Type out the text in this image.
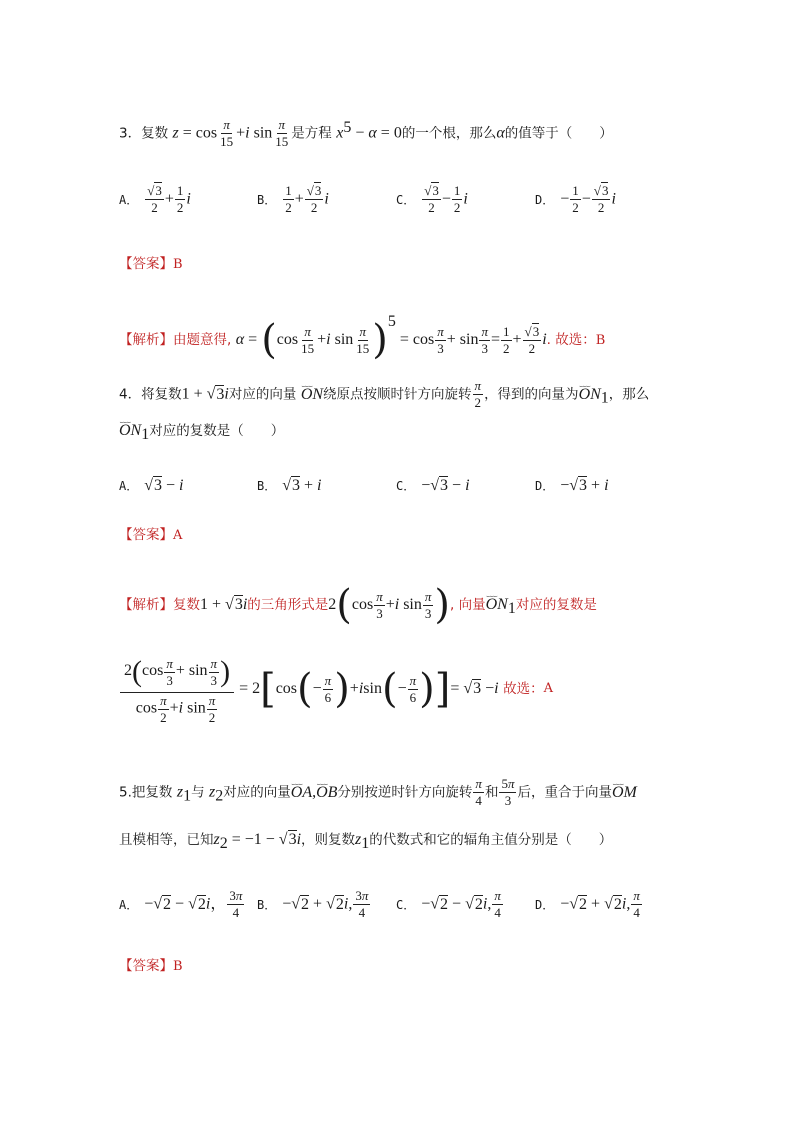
3．复数 $z = \cos \frac{\pi}{15} +i$ $\sin \frac{\pi}{15}$ 是方程 $x^5 - \alpha = 0$的一个根，那么α的值等于（　　）
A． $\frac{√3}{2} + \frac{1}{2}$ i	B． $\frac{1}{2} + \frac{√3}{2}$ i	C． $\frac{√3}{2} - \frac{1}{2}$ i	D． − $\frac{1}{2} - \frac{√3}{2}$ i
【答案】B
【解析】由题意得, $\alpha = (\cos \frac{\pi}{15} +i$ $\sin \frac{\pi}{15} )^5 = \cos \frac{\pi}{3} + \sin \frac{\pi}{3} = \frac{1}{2} + \frac{√3}{2} i$. 故选：B
4．将复数1 + √3i对应的向量 ⌣⌣⌣ ON绕原点按顺时针方向旋转 $\frac{\pi}{2}$ ，得到的向量为⌣⌣⌣ $ON_1$，那么
⌣⌣⌣ $ON_1$对应的复数是（　　）
A． √3 − i	B． √3 + i	C． −√3 − i	D． −√3 + i
【答案】A
【解析】复数1 + √3i的三角形式是$2(\cos \frac{\pi}{3} +i$ $\sin \frac{\pi}{3}$ ), 向量⌣⌣⌣ $ON_1$对应的复数是
$\frac{2(\cos \frac{\pi}{3} + \sin \frac{\pi}{3} )}{\cos \frac{\pi}{2} +i \sin \frac{\pi}{2}} = 2$ [ cos ( − $\frac{\pi}{6}$ ) + i sin ( − $\frac{\pi}{6}$ ) ] = √3 − i
故选： A
5.把复数 $z_1$与 $z_2$对应的向量⌣⌣⌣ OA,⌣⌣⌣ OB分别按逆时针方向旋转 $\frac{\pi}{4}$ 和 $\frac{5\pi}{3}$ 后，重合于向量⌣⌣⌣ OM
且模相等，已知$z_2 = -1 - √3i$，则复数$z_1$的代数式和它的辐角主值分别是（　　）
A． −√2 − √2i， $\frac{3\pi}{4}$ B． −√2 + √2i, $\frac{3\pi}{4}$ C． −√2 − √2i, $\frac{\pi}{4}$	D． −√2 + √2i, $\frac{\pi}{4}$
【答案】B
